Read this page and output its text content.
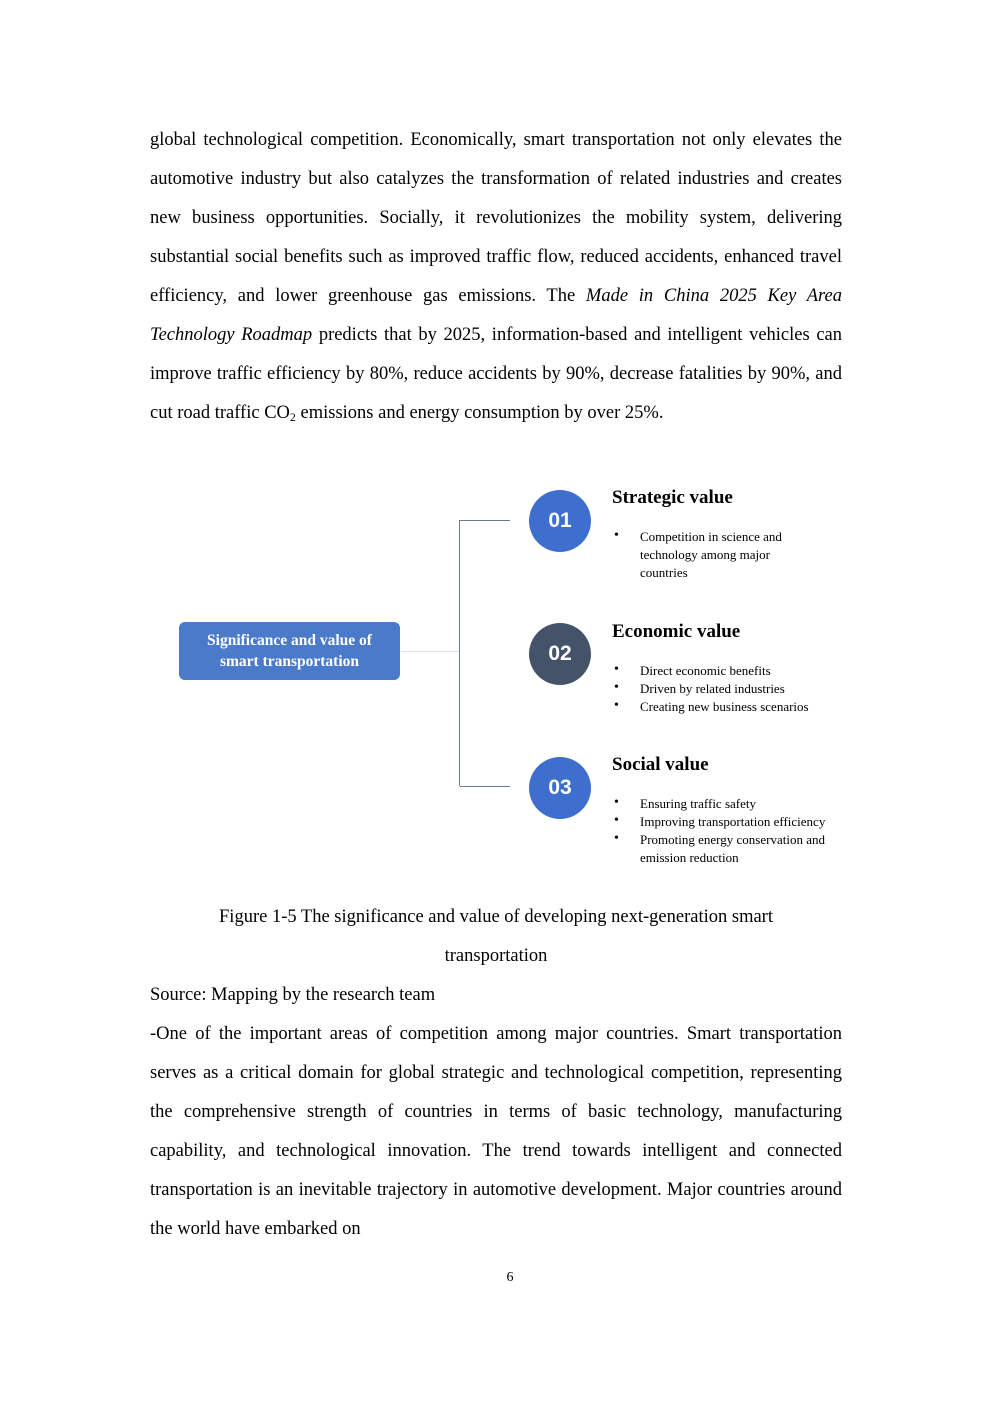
global technological competition. Economically, smart transportation not only elevates the automotive industry but also catalyzes the transformation of related industries and creates new business opportunities. Socially, it revolutionizes the mobility system, delivering substantial social benefits such as improved traffic flow, reduced accidents, enhanced travel efficiency, and lower greenhouse gas emissions. The Made in China 2025 Key Area Technology Roadmap predicts that by 2025, information-based and intelligent vehicles can improve traffic efficiency by 80%, reduce accidents by 90%, decrease fatalities by 90%, and cut road traffic $CO_2$ emissions and energy consumption by over 25%.

Significance and value of smart transportation
01
Strategic value
• Competition in science and technology among major countries
02
Economic value
• Direct economic benefits
• Driven by related industries
• Creating new business scenarios
03
Social value
• Ensuring traffic safety
• Improving transportation efficiency
• Promoting energy conservation and emission reduction

Figure 1-5 The significance and value of developing next-generation smart

transportation

Source: Mapping by the research team

-One of the important areas of competition among major countries. Smart transportation serves as a critical domain for global strategic and technological competition, representing the comprehensive strength of countries in terms of basic technology, manufacturing capability, and technological innovation. The trend towards intelligent and connected transportation is an inevitable trajectory in automotive development. Major countries around the world have embarked on

6
